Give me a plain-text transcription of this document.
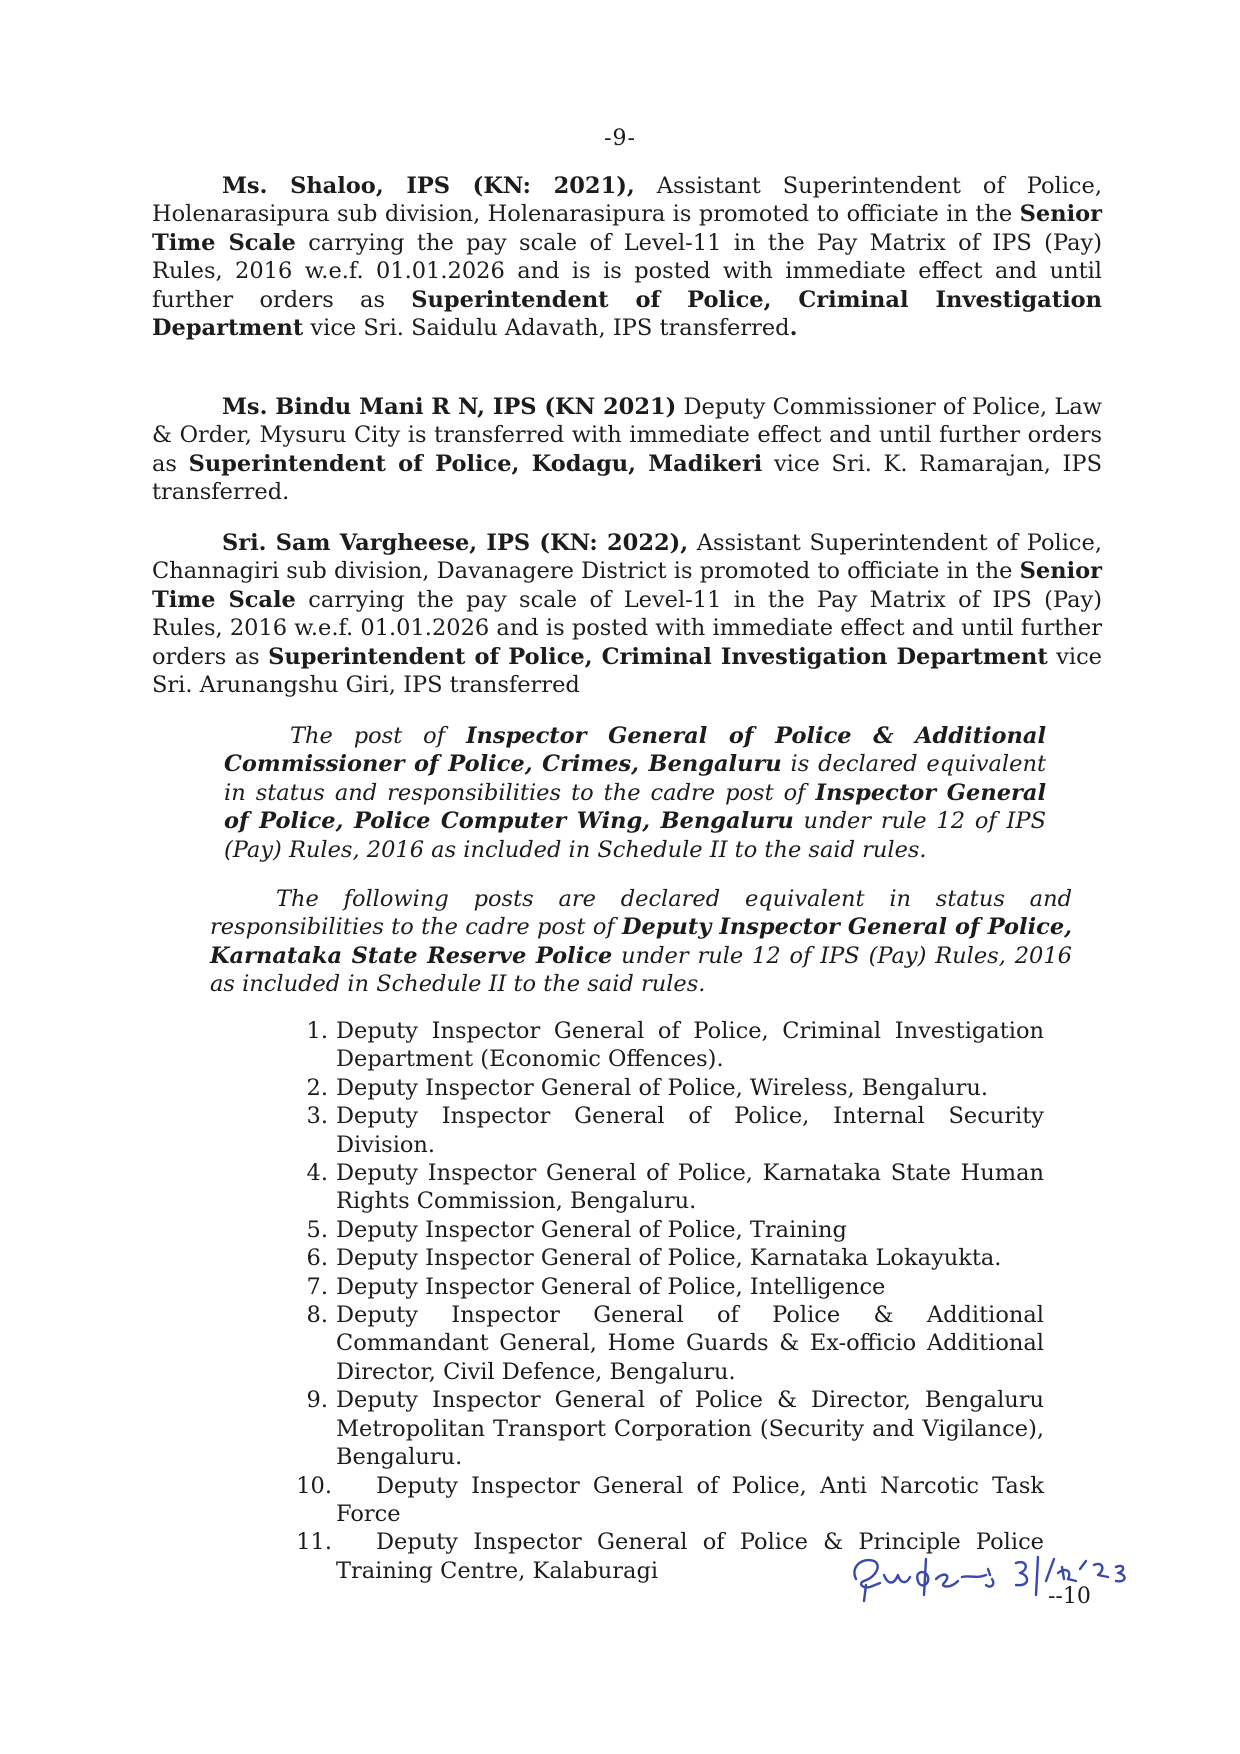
-9-

Ms. Shaloo, IPS (KN: 2021), Assistant Superintendent of Police, Holenarasipura sub division, Holenarasipura is promoted to officiate in the Senior Time Scale carrying the pay scale of Level-11 in the Pay Matrix of IPS (Pay) Rules, 2016 w.e.f. 01.01.2026 and is is posted with immediate effect and until further orders as Superintendent of Police, Criminal Investigation Department vice Sri. Saidulu Adavath, IPS transferred.

Ms. Bindu Mani R N, IPS (KN 2021) Deputy Commissioner of Police, Law & Order, Mysuru City is transferred with immediate effect and until further orders as Superintendent of Police, Kodagu, Madikeri vice Sri. K. Ramarajan, IPS transferred.

Sri. Sam Vargheese, IPS (KN: 2022), Assistant Superintendent of Police, Channagiri sub division, Davanagere District is promoted to officiate in the Senior Time Scale carrying the pay scale of Level-11 in the Pay Matrix of IPS (Pay) Rules, 2016 w.e.f. 01.01.2026 and is posted with immediate effect and until further orders as Superintendent of Police, Criminal Investigation Department vice Sri. Arunangshu Giri, IPS transferred

The post of Inspector General of Police & Additional Commissioner of Police, Crimes, Bengaluru is declared equivalent in status and responsibilities to the cadre post of Inspector General of Police, Police Computer Wing, Bengaluru under rule 12 of IPS (Pay) Rules, 2016 as included in Schedule II to the said rules.

The following posts are declared equivalent in status and responsibilities to the cadre post of Deputy Inspector General of Police, Karnataka State Reserve Police under rule 12 of IPS (Pay) Rules, 2016 as included in Schedule II to the said rules.

1. Deputy Inspector General of Police, Criminal Investigation Department (Economic Offences).
2. Deputy Inspector General of Police, Wireless, Bengaluru.
3. Deputy Inspector General of Police, Internal Security Division.
4. Deputy Inspector General of Police, Karnataka State Human Rights Commission, Bengaluru.
5. Deputy Inspector General of Police, Training
6. Deputy Inspector General of Police, Karnataka Lokayukta.
7. Deputy Inspector General of Police, Intelligence
8. Deputy Inspector General of Police & Additional Commandant General, Home Guards & Ex-officio Additional Director, Civil Defence, Bengaluru.
9. Deputy Inspector General of Police & Director, Bengaluru Metropolitan Transport Corporation (Security and Vigilance), Bengaluru.
10. Deputy Inspector General of Police, Anti Narcotic Task Force
11. Deputy Inspector General of Police & Principle Police Training Centre, Kalaburagi
--10
